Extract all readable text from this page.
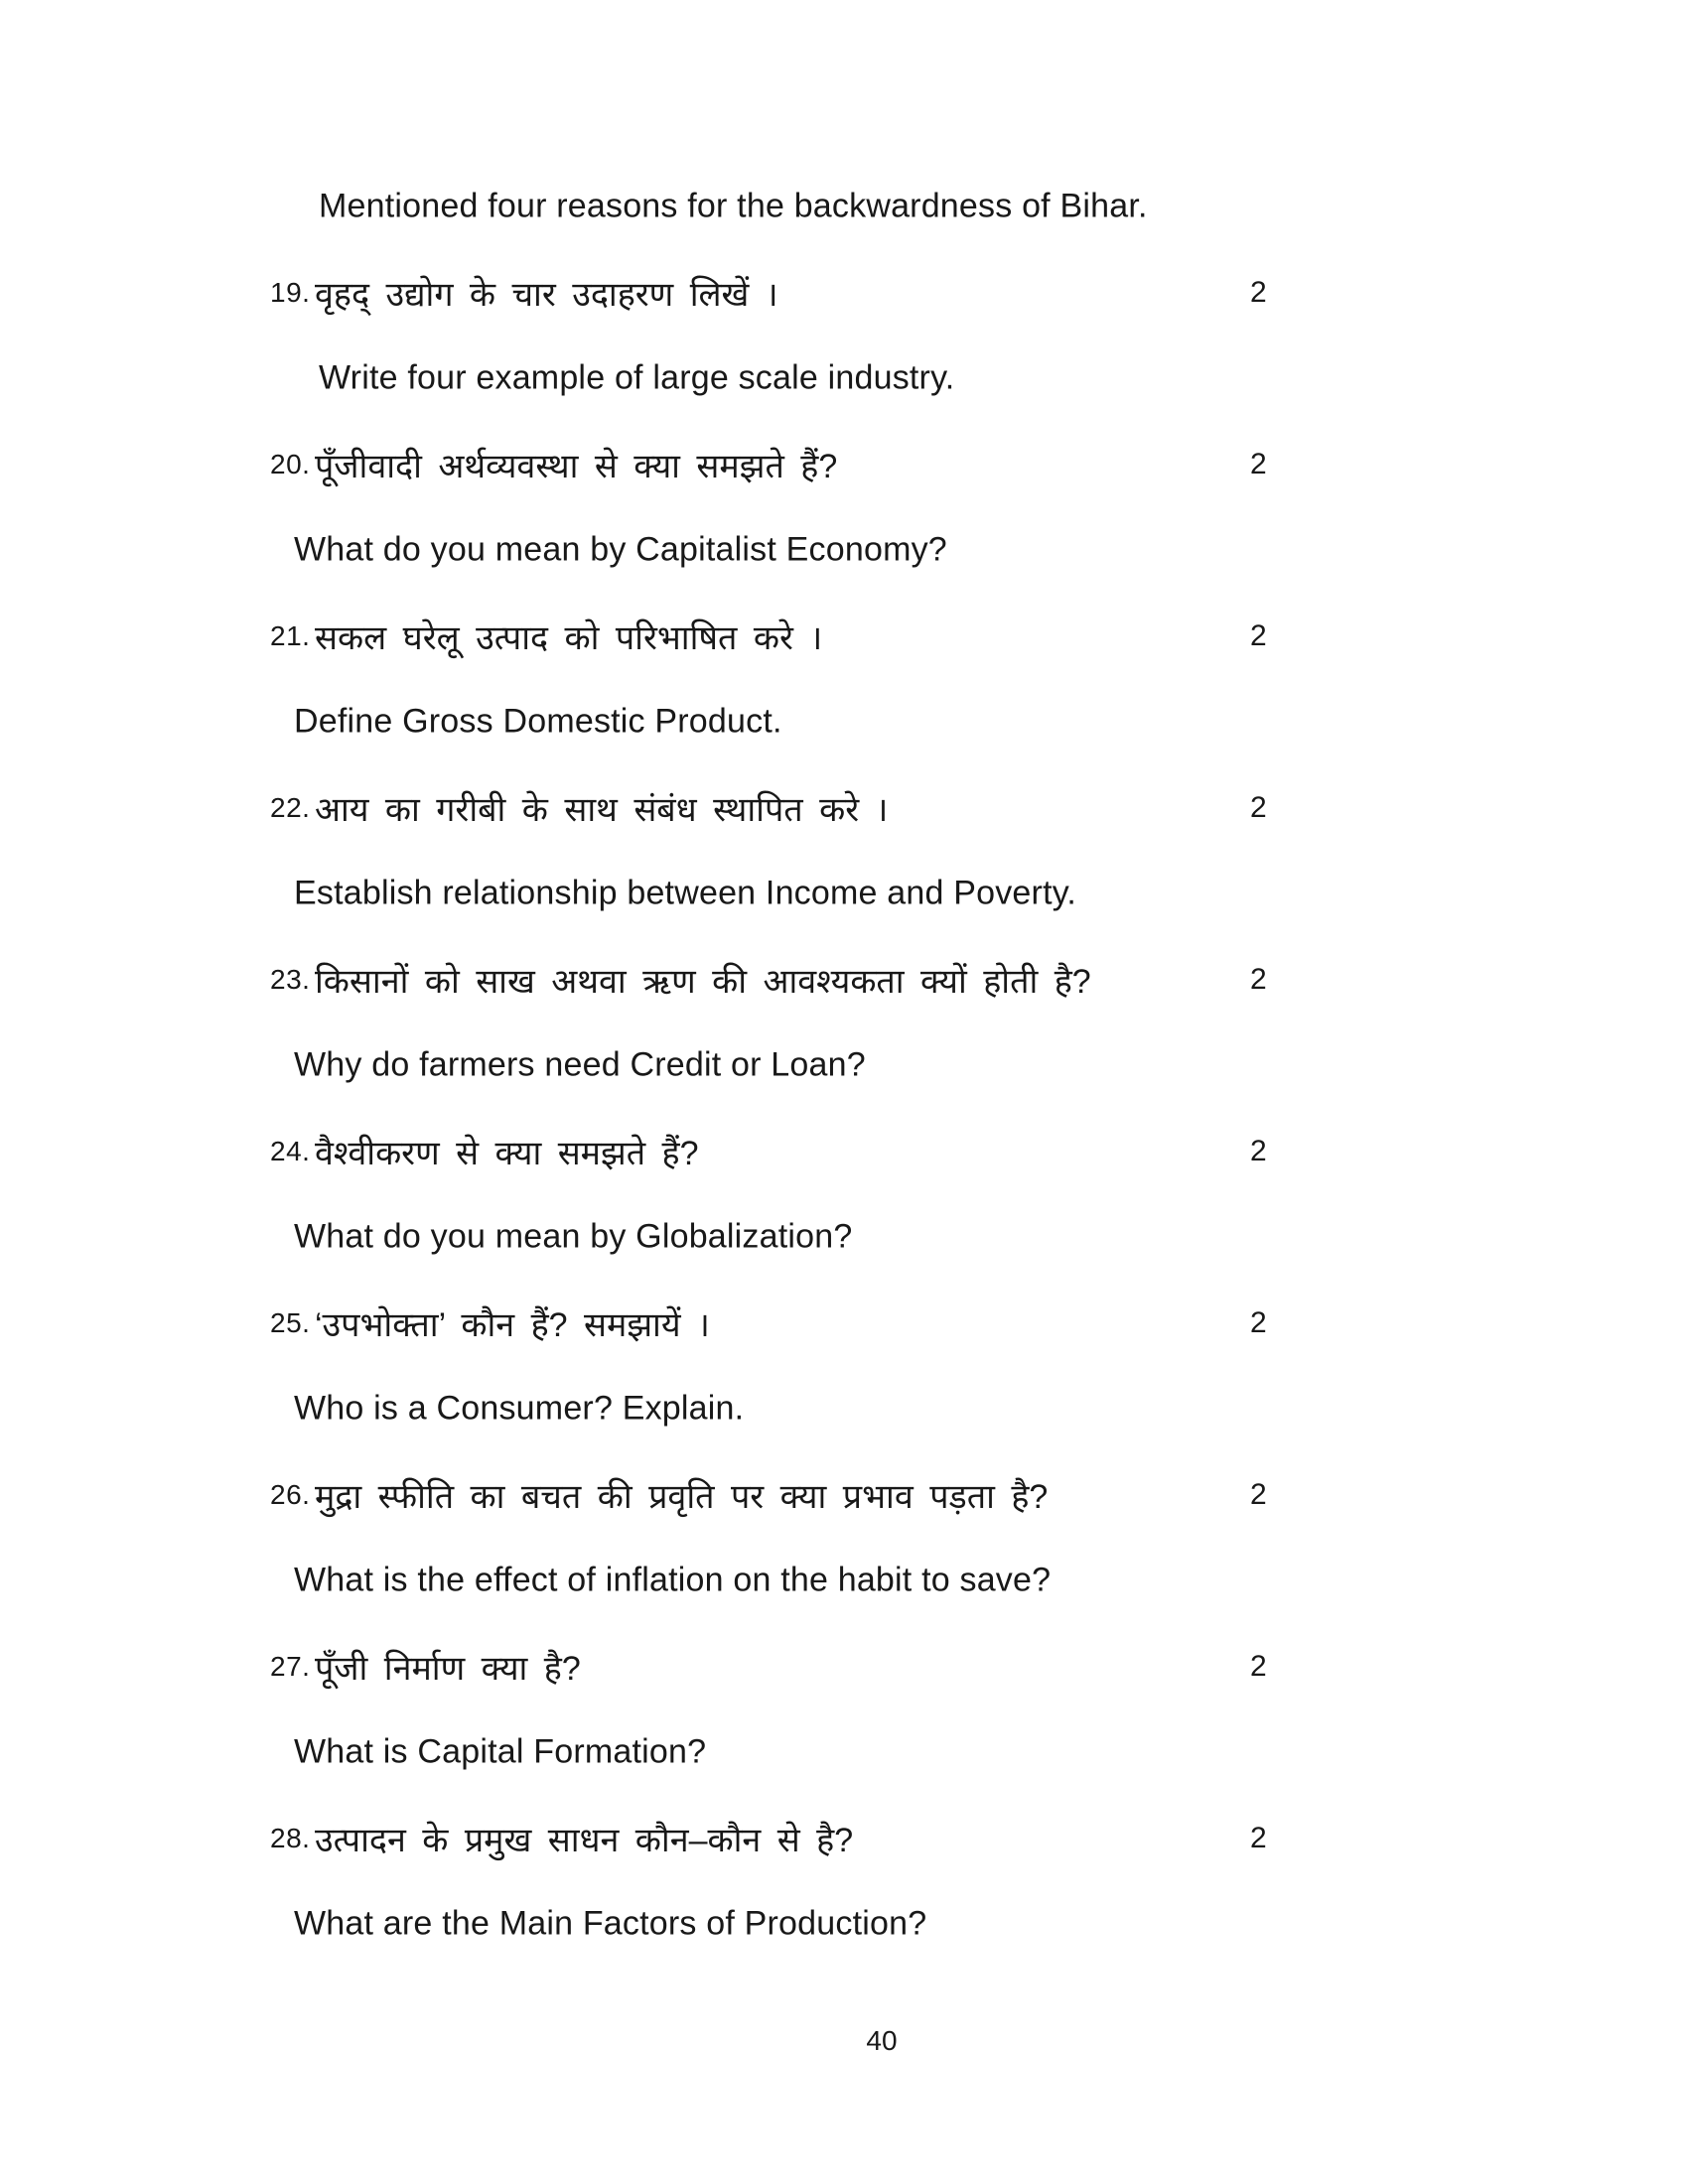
Mentioned four reasons for the backwardness of Bihar.
19. वृहद् उद्योग के चार उदाहरण लिखें ।	2
Write four example of large scale industry.
20. पूँजीवादी अर्थव्यवस्था से क्या समझते हैं?	2
What do you mean by Capitalist Economy?
21. सकल घरेलू उत्पाद को परिभाषित करे ।	2
Define Gross Domestic Product.
22. आय का गरीबी के साथ संबंध स्थापित करे ।	2
Establish relationship between Income and Poverty.
23. किसानों को साख अथवा ऋण की आवश्यकता क्यों होती है?	2
Why do farmers need Credit or Loan?
24. वैश्वीकरण से क्या समझते हैं?	2
What do you mean by Globalization?
25. ‘उपभोक्ता’ कौन हैं? समझायें ।	2
Who is a Consumer? Explain.
26. मुद्रा स्फीति का बचत की प्रवृति पर क्या प्रभाव पड़ता है?	2
What is the effect of inflation on the habit to save?
27. पूँजी निर्माण क्या है?	2
What is Capital Formation?
28. उत्पादन के प्रमुख साधन कौन–कौन से है?	2
What are the Main Factors of Production?
40
